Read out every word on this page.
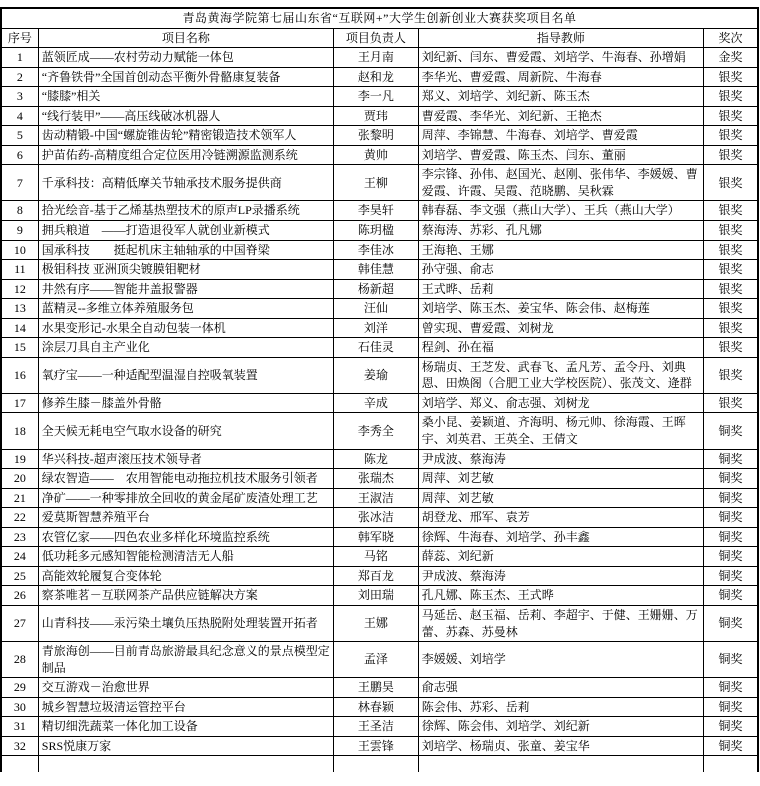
青岛黄海学院第七届山东省“互联网+”大学生创新创业大赛获奖项目名单				
序号	项目名称	项目负责人	指导教师	奖次
1	蓝领匠成——农村劳动力赋能一体包	王月南	刘纪新、闫东、曹爱霞、刘培学、牛海春、孙增娟	金奖
2	“齐鲁铁骨”全国首创动态平衡外骨骼康复装备	赵和龙	李华光、曹爱霞、周新院、牛海春	银奖
3	“膝膝”相关	李一凡	郑义、刘培学、刘纪新、陈玉杰	银奖
4	“线行装甲”——高压线破冰机器人	贾玮	曹爱霞、李华光、刘纪新、王艳杰	银奖
5	齿动精锻-中国“螺旋锥齿轮”精密锻造技术领军人	张黎明	周萍、李锦慧、牛海春、刘培学、曹爱霞	银奖
6	护苗佑药-高精度组合定位医用冷链溯源监测系统	黄帅	刘培学、曹爱霞、陈玉杰、闫东、董丽	银奖
7	千承科技：高精低摩关节轴承技术服务提供商	王柳	李宗锋、孙伟、赵国光、赵刚、张伟华、李媛媛、曹爱霞、许霞、吴霞、范晓鹏、吴秋霖	银奖
8	拾光绘音-基于乙烯基热塑技术的原声LP录播系统	李昊轩	韩春磊、李文强（燕山大学）、王兵（燕山大学）	银奖
9	拥兵粮道　——打造退役军人就创业新模式	陈玥楹	蔡海涛、苏彩、孔凡娜	银奖
10	国承科技　　挺起机床主轴轴承的中国脊梁	李佳冰	王海艳、王娜	银奖
11	极钼科技 亚洲顶尖镀膜钼靶材	韩佳慧	孙守强、俞志	银奖
12	井然有序——智能井盖报警器	杨新超	王式晔、岳莉	银奖
13	蓝精灵--多维立体养殖服务包	汪仙	刘培学、陈玉杰、姜宝华、陈会伟、赵梅莲	银奖
14	水果变形记-水果全自动包装一体机	刘洋	曾实现、曹爱霞、刘树龙	银奖
15	涂层刀具自主产业化	石佳灵	程剑、孙在福	银奖
16	氧疗宝——一种适配型温湿自控吸氧装置	姜瑜	杨瑞贞、王芝发、武春飞、孟凡芳、孟令丹、刘典恩、田焕阁（合肥工业大学校医院）、张茂文、逄群	银奖
17	修养生膝－膝盖外骨骼	辛成	刘培学、郑义、俞志强、刘树龙	银奖
18	全天候无耗电空气取水设备的研究	李秀全	桑小昆、姜颖道、齐海明、杨元帅、徐海霞、王晖宇、刘英君、王英全、王倩文	铜奖
19	华兴科技-超声滚压技术领导者	陈龙	尹成波、蔡海涛	铜奖
20	绿农智造——　农用智能电动拖拉机技术服务引领者	张瑞杰	周萍、刘艺敏	铜奖
21	净矿——一种零排放全回收的黄金尾矿废渣处理工艺	王淑洁	周萍、刘艺敏	铜奖
22	爱莫斯智慧养殖平台	张冰洁	胡登龙、邢军、袁芳	铜奖
23	农管亿家——四色农业多样化环境监控系统	韩军晓	徐辉、牛海春、刘培学、孙丰鑫	铜奖
24	低功耗多元感知智能检测清洁无人船	马铭	薛蕊、刘纪新	铜奖
25	高能效轮履复合变体轮	郑百龙	尹成波、蔡海涛	铜奖
26	察茶唯茗－互联网茶产品供应链解决方案	刘田瑞	孔凡娜、陈玉杰、王式晔	铜奖
27	山青科技——汞污染土壤负压热脱附处理装置开拓者	王娜	马延岳、赵玉福、岳莉、李超宇、于健、王姗姗、万蕾、苏森、苏曼林	铜奖
28	青旅海创——目前青岛旅游最具纪念意义的景点模型定制品	孟泽	李媛媛、刘培学	铜奖
29	交互游戏－治愈世界	王鹏昊	俞志强	铜奖
30	城乡智慧垃圾清运管控平台	林春颖	陈会伟、苏彩、岳莉	铜奖
31	精切细洗蔬菜一体化加工设备	王圣洁	徐辉、陈会伟、刘培学、刘纪新	铜奖
32	SRS悦康万家	王雲锋	刘培学、杨瑞贞、张童、姜宝华	铜奖
